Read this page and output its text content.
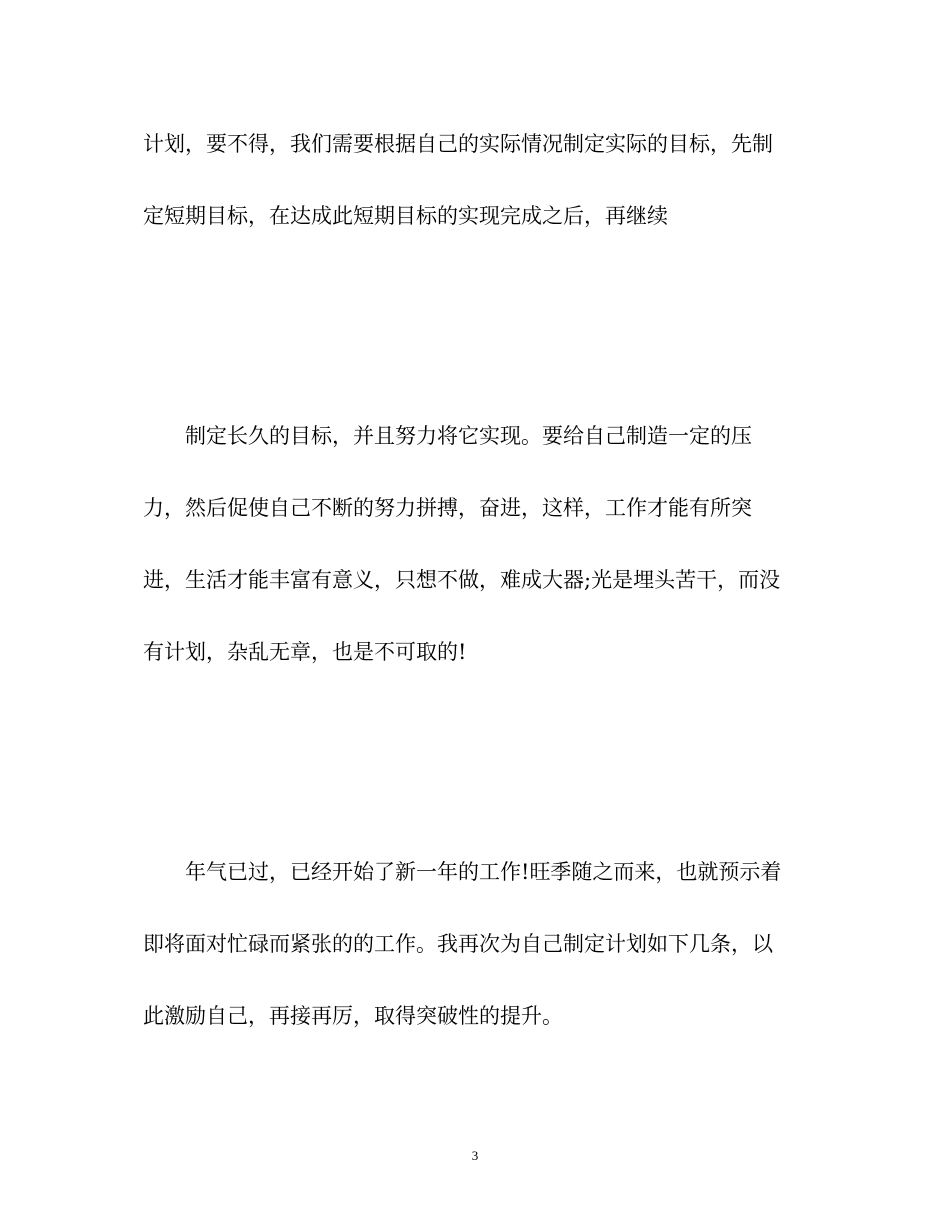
计划，要不得，我们需要根据自己的实际情况制定实际的目标，先制
定短期目标，在达成此短期目标的实现完成之后，再继续
制定长久的目标，并且努力将它实现。要给自己制造一定的压
力，然后促使自己不断的努力拼搏，奋进，这样，工作才能有所突
进，生活才能丰富有意义，只想不做，难成大器;光是埋头苦干，而没
有计划，杂乱无章，也是不可取的!
年气已过，已经开始了新一年的工作!旺季随之而来，也就预示着
即将面对忙碌而紧张的的工作。我再次为自己制定计划如下几条，以
此激励自己，再接再厉，取得突破性的提升。
3
